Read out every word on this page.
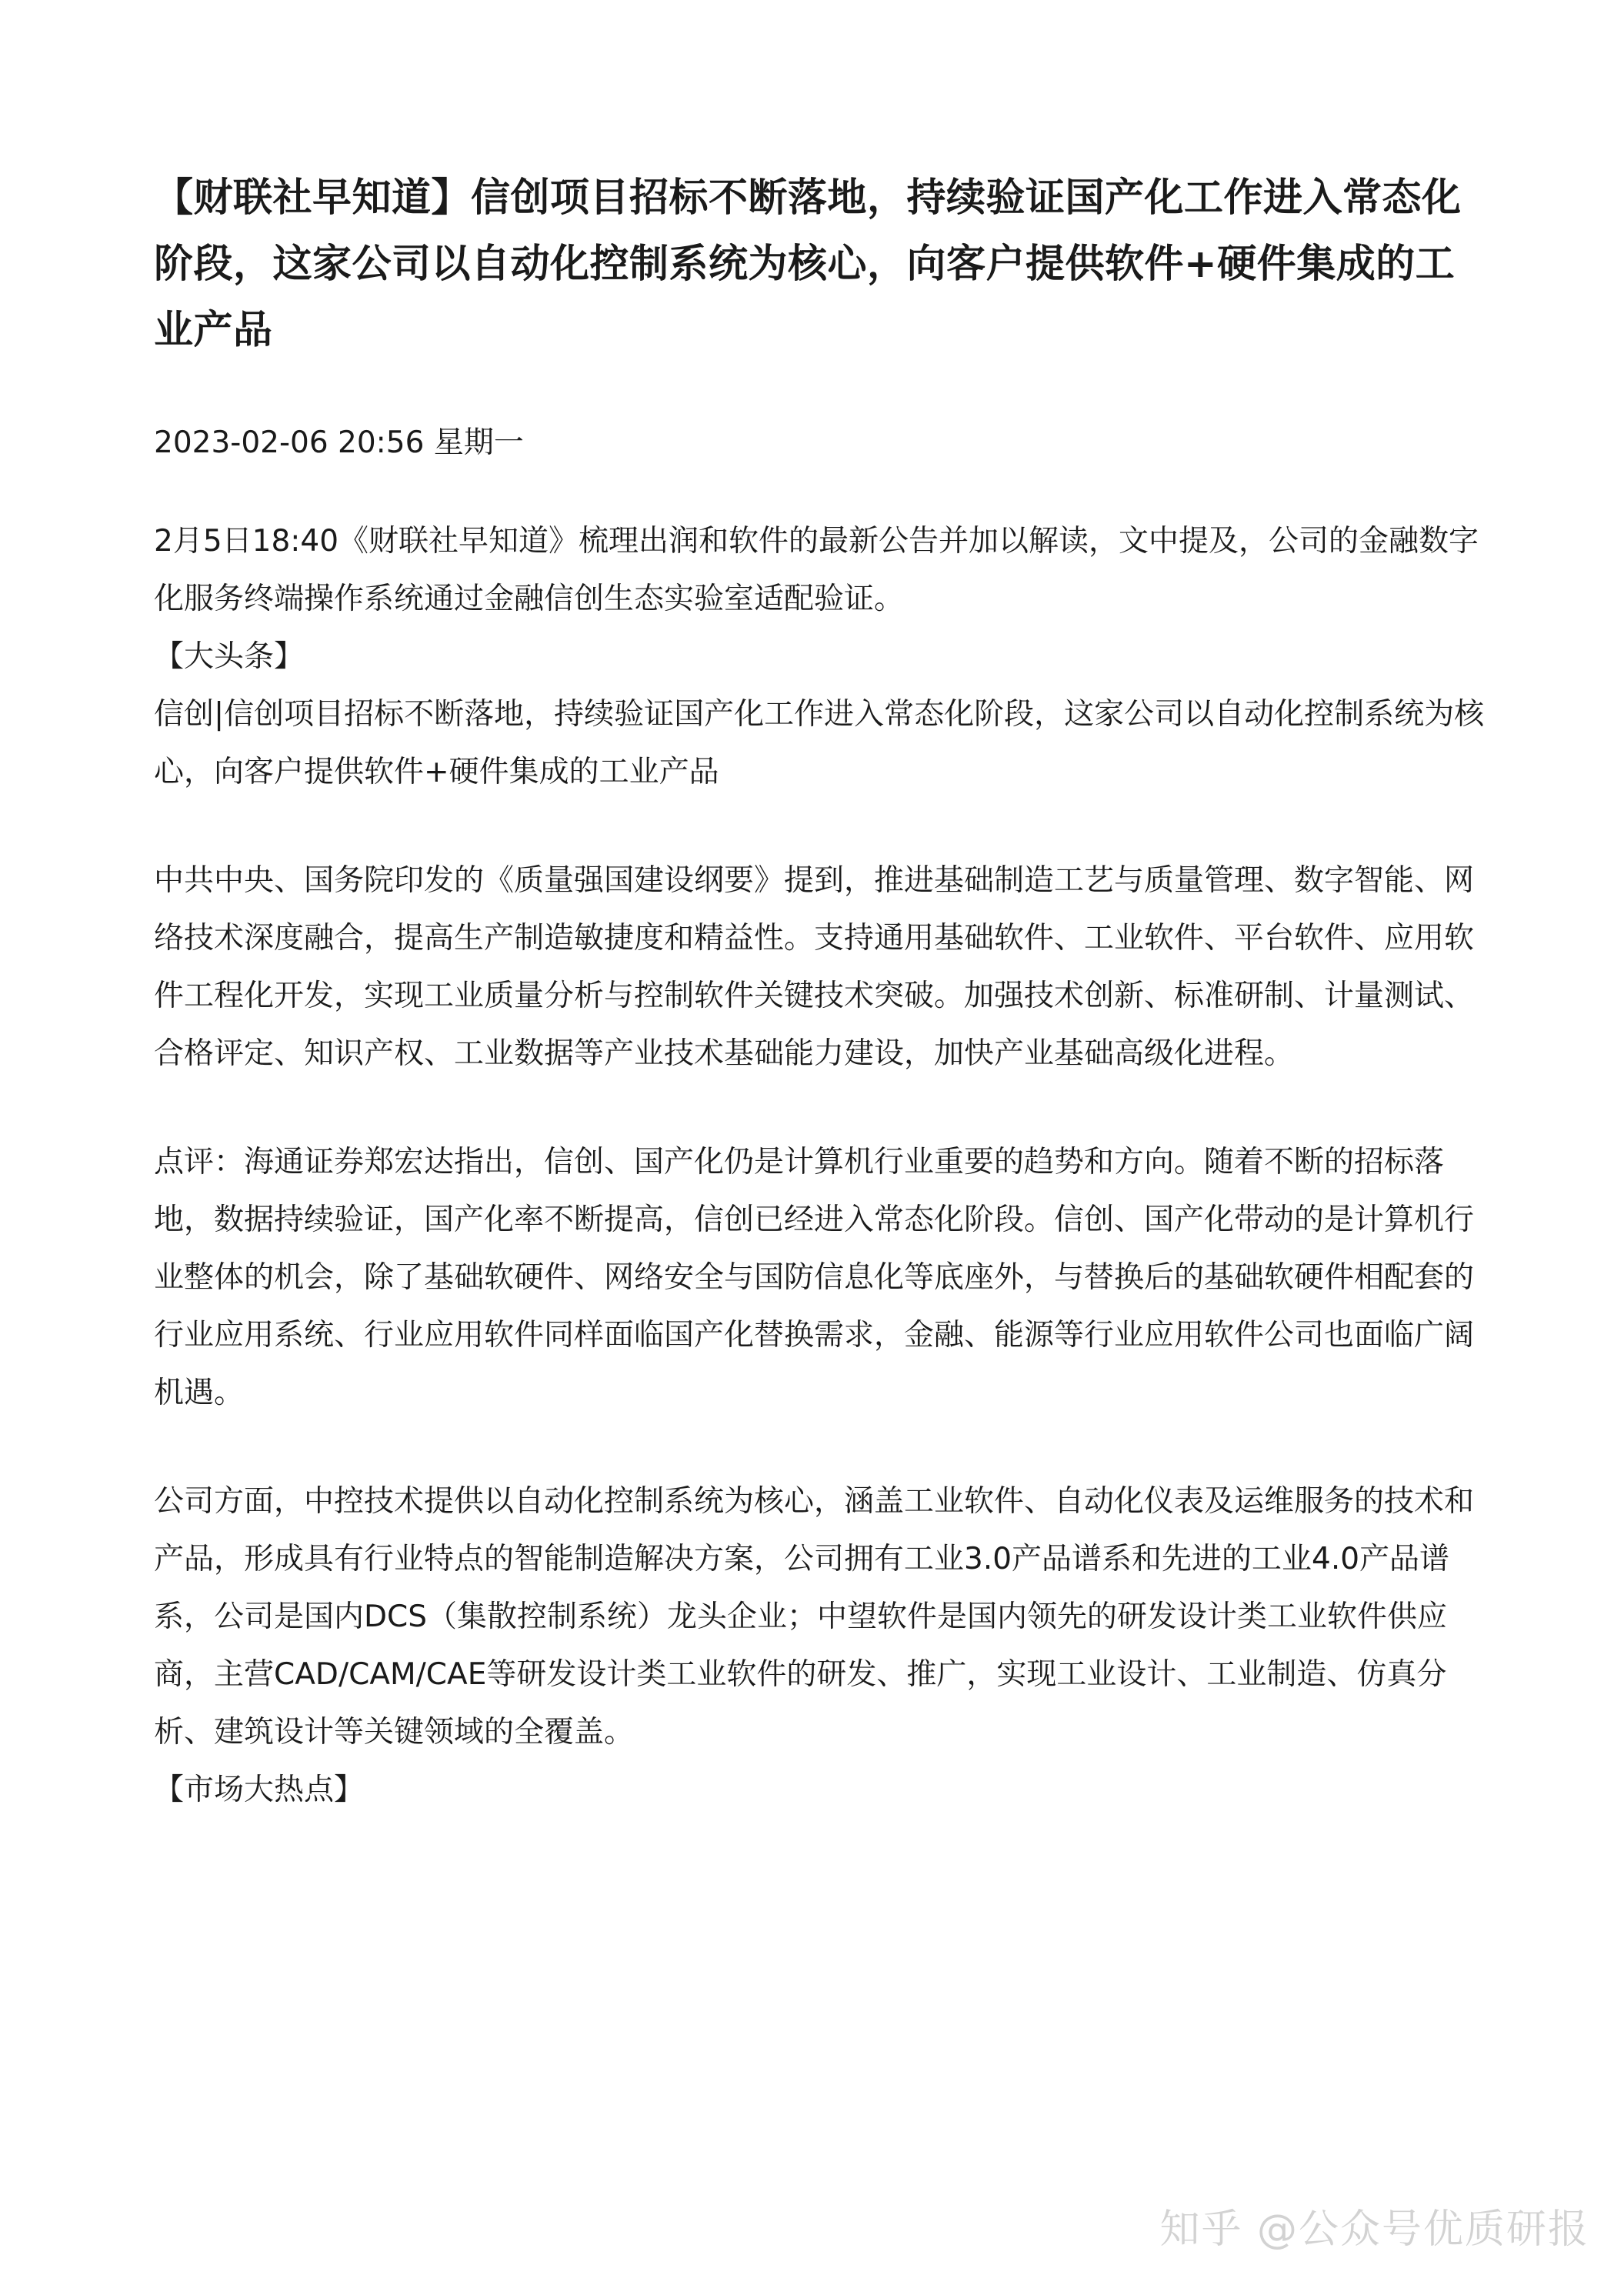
【财联社早知道】信创项目招标不断落地，持续验证国产化工作进入常态化阶段，这家公司以自动化控制系统为核心，向客户提供软件+硬件集成的工业产品
2023-02-06 20:56 星期一

2月5日18:40《财联社早知道》梳理出润和软件的最新公告并加以解读，文中提及，公司的金融数字化服务终端操作系统通过金融信创生态实验室适配验证。

【大头条】

信创|信创项目招标不断落地，持续验证国产化工作进入常态化阶段，这家公司以自动化控制系统为核心，向客户提供软件+硬件集成的工业产品

中共中央、国务院印发的《质量强国建设纲要》提到，推进基础制造工艺与质量管理、数字智能、网络技术深度融合，提高生产制造敏捷度和精益性。支持通用基础软件、工业软件、平台软件、应用软件工程化开发，实现工业质量分析与控制软件关键技术突破。加强技术创新、标准研制、计量测试、合格评定、知识产权、工业数据等产业技术基础能力建设，加快产业基础高级化进程。

点评：海通证券郑宏达指出，信创、国产化仍是计算机行业重要的趋势和方向。随着不断的招标落地，数据持续验证，国产化率不断提高，信创已经进入常态化阶段。信创、国产化带动的是计算机行业整体的机会，除了基础软硬件、网络安全与国防信息化等底座外，与替换后的基础软硬件相配套的行业应用系统、行业应用软件同样面临国产化替换需求，金融、能源等行业应用软件公司也面临广阔机遇。

公司方面，中控技术提供以自动化控制系统为核心，涵盖工业软件、自动化仪表及运维服务的技术和产品，形成具有行业特点的智能制造解决方案，公司拥有工业3.0产品谱系和先进的工业4.0产品谱系，公司是国内DCS（集散控制系统）龙头企业；中望软件是国内领先的研发设计类工业软件供应商，主营CAD/CAM/CAE等研发设计类工业软件的研发、推广，实现工业设计、工业制造、仿真分析、建筑设计等关键领域的全覆盖。

【市场大热点】
知乎 @公众号优质研报
